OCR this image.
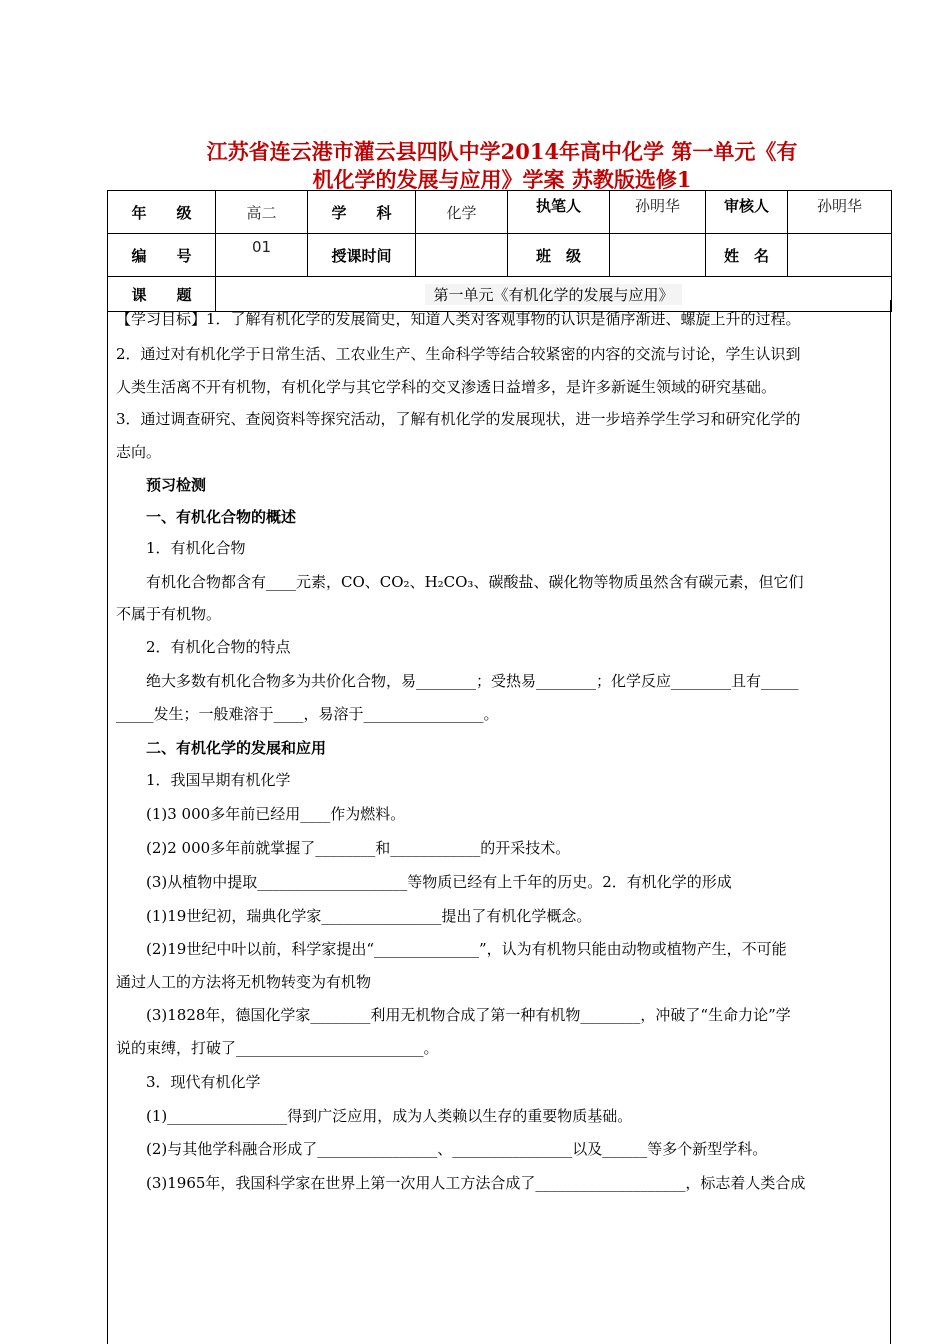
江苏省连云港市灌云县四队中学2014年高中化学 第一单元《有
机化学的发展与应用》学案 苏教版选修1
年　　级	高二	学　　科	化学	执笔人	孙明华	审核人	孙明华
编　　号	01	授课时间		班　级		姓　名	
课　　题	第一单元《有机化学的发展与应用》						
【学习目标】1．了解有机化学的发展简史，知道人类对客观事物的认识是循序渐进、螺旋上升的过程。
2．通过对有机化学于日常生活、工农业生产、生命科学等结合较紧密的内容的交流与讨论，学生认识到
人类生活离不开有机物，有机化学与其它学科的交叉渗透日益增多，是许多新诞生领域的研究基础。
3．通过调查研究、查阅资料等探究活动，了解有机化学的发展现状，进一步培养学生学习和研究化学的
志向。
预习检测
一、有机化合物的概述
1．有机化合物
有机化合物都含有____元素，CO、CO₂、H₂CO₃、碳酸盐、碳化物等物质虽然含有碳元素，但它们
不属于有机物。
2．有机化合物的特点
绝大多数有机化合物多为共价化合物，易________；受热易________；化学反应________且有_____
_____发生；一般难溶于____，易溶于________________。
二、有机化学的发展和应用
1．我国早期有机化学
(1)3 000多年前已经用____作为燃料。
(2)2 000多年前就掌握了________和____________的开采技术。
(3)从植物中提取____________________等物质已经有上千年的历史。2．有机化学的形成
(1)19世纪初，瑞典化学家________________提出了有机化学概念。
(2)19世纪中叶以前，科学家提出“______________”，认为有机物只能由动物或植物产生，不可能
通过人工的方法将无机物转变为有机物
(3)1828年，德国化学家________利用无机物合成了第一种有机物________，冲破了“生命力论”学
说的束缚，打破了_________________________。
3．现代有机化学
(1)________________得到广泛应用，成为人类赖以生存的重要物质基础。
(2)与其他学科融合形成了________________、________________以及______等多个新型学科。
(3)1965年，我国科学家在世界上第一次用人工方法合成了____________________，标志着人类合成
